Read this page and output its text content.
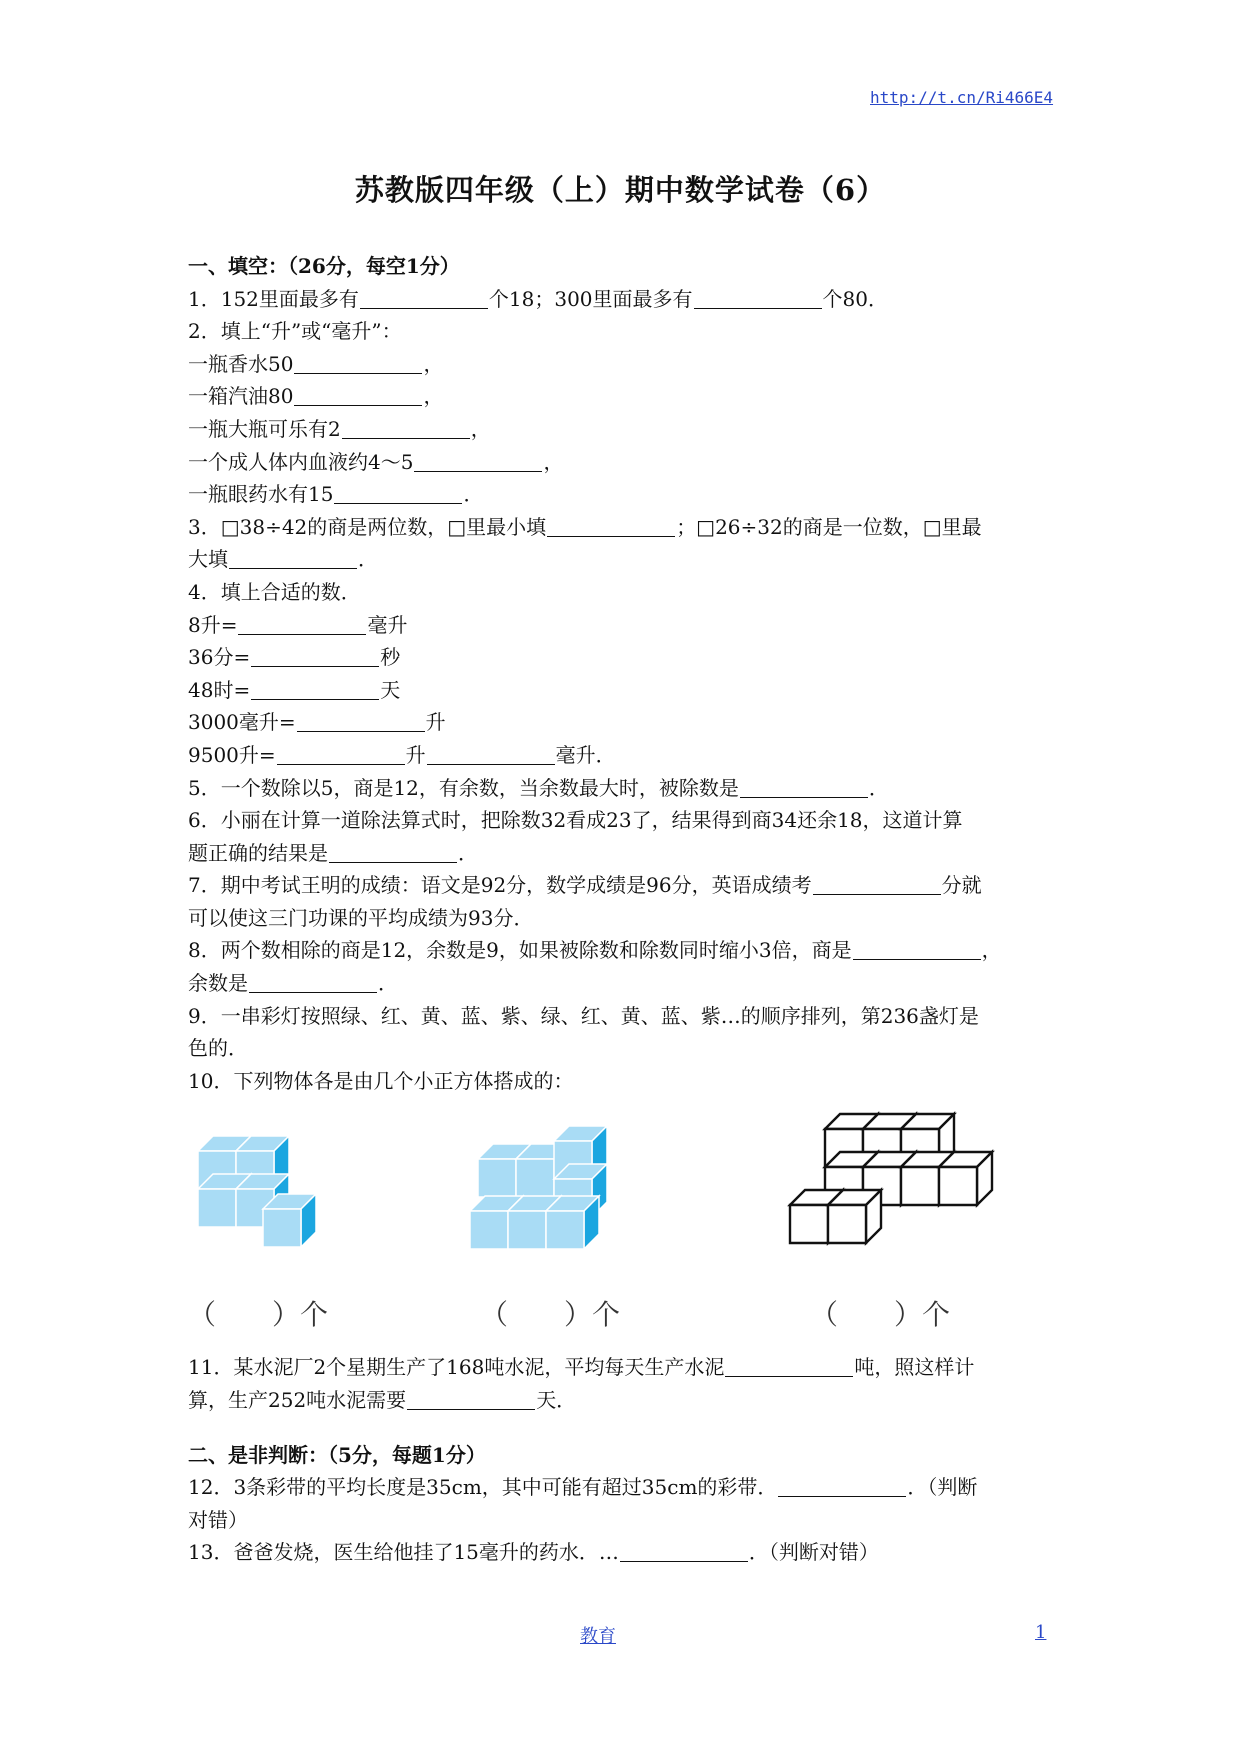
http://t.cn/Ri466E4
苏教版四年级（上）期中数学试卷（6）
一、填空：（26分，每空1分）
1．152里面最多有	个18；300里面最多有	个80．
2．填上“升”或“毫升”：
一瓶香水50	，
一箱汽油80	，
一瓶大瓶可乐有2	，
一个成人体内血液约4～5	，
一瓶眼药水有15	．
3．□38÷42的商是两位数，□里最小填	；□26÷32的商是一位数，□里最
大填	．
4．填上合适的数．
8升=	毫升
36分=	秒
48时=	天
3000毫升=	升
9500升=	升	毫升．
5．一个数除以5，商是12，有余数，当余数最大时，被除数是	．
6．小丽在计算一道除法算式时，把除数32看成23了，结果得到商34还余18，这道计算
题正确的结果是	．
7．期中考试王明的成绩：语文是92分，数学成绩是96分，英语成绩考	分就
可以使这三门功课的平均成绩为93分．
8．两个数相除的商是12，余数是9，如果被除数和除数同时缩小3倍，商是	，
余数是	．
9．一串彩灯按照绿、红、黄、蓝、紫、绿、红、黄、蓝、紫…的顺序排列，第236盏灯是
色的．
10．下列物体各是由几个小正方体搭成的：
（　　）个	（　　）个	（　　）个
11．某水泥厂2个星期生产了168吨水泥，平均每天生产水泥	吨，照这样计
算，生产252吨水泥需要	天．
二、是非判断：（5分，每题1分）
12．3条彩带的平均长度是35cm，其中可能有超过35cm的彩带．	．（判断
对错）
13．爸爸发烧，医生给他挂了15毫升的药水．…	．（判断对错）
教育	1
